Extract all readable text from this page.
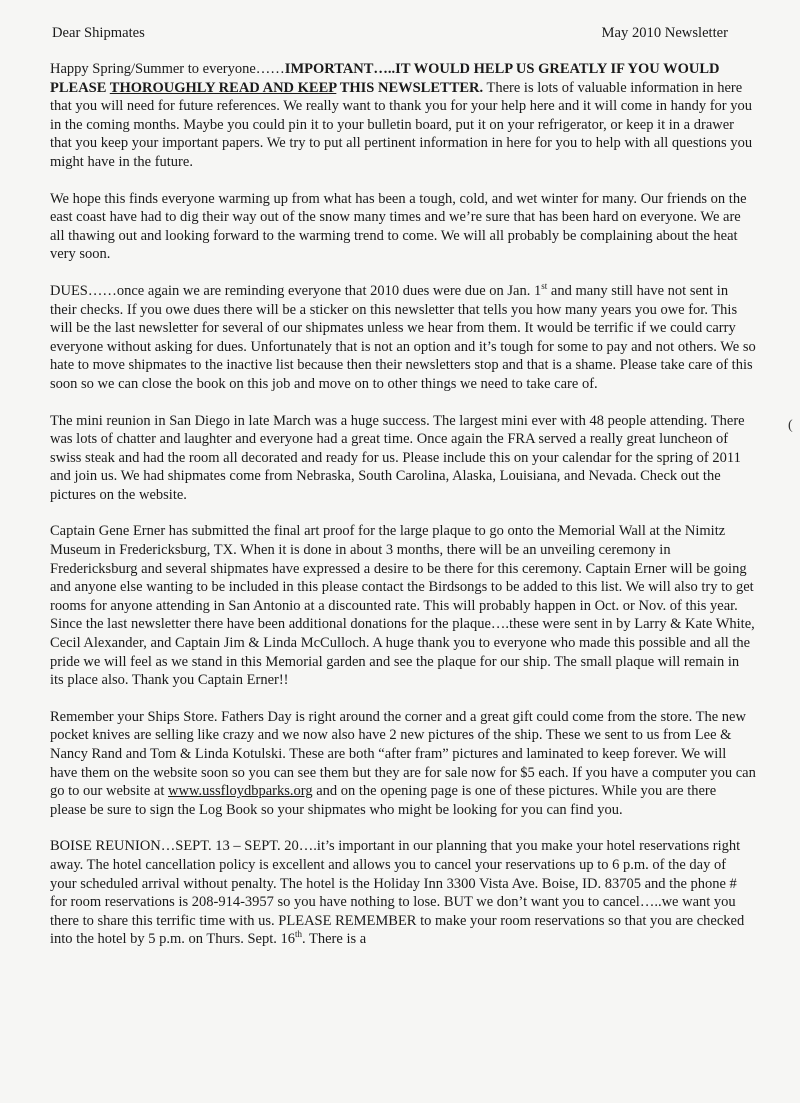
Dear Shipmates	May 2010 Newsletter

Happy Spring/Summer to everyone……IMPORTANT…..IT WOULD HELP US GREATLY IF YOU WOULD PLEASE THOROUGHLY READ AND KEEP THIS NEWSLETTER. There is lots of valuable information in here that you will need for future references. We really want to thank you for your help here and it will come in handy for you in the coming months. Maybe you could pin it to your bulletin board, put it on your refrigerator, or keep it in a drawer that you keep your important papers. We try to put all pertinent information in here for you to help with all questions you might have in the future.

We hope this finds everyone warming up from what has been a tough, cold, and wet winter for many. Our friends on the east coast have had to dig their way out of the snow many times and we’re sure that has been hard on everyone. We are all thawing out and looking forward to the warming trend to come. We will all probably be complaining about the heat very soon.

DUES……once again we are reminding everyone that 2010 dues were due on Jan. 1st and many still have not sent in their checks. If you owe dues there will be a sticker on this newsletter that tells you how many years you owe for. This will be the last newsletter for several of our shipmates unless we hear from them. It would be terrific if we could carry everyone without asking for dues. Unfortunately that is not an option and it’s tough for some to pay and not others. We so hate to move shipmates to the inactive list because then their newsletters stop and that is a shame. Please take care of this soon so we can close the book on this job and move on to other things we need to take care of.

The mini reunion in San Diego in late March was a huge success. The largest mini ever with 48 people attending. There was lots of chatter and laughter and everyone had a great time. Once again the FRA served a really great luncheon of swiss steak and had the room all decorated and ready for us. Please include this on your calendar for the spring of 2011 and join us. We had shipmates come from Nebraska, South Carolina, Alaska, Louisiana, and Nevada. Check out the pictures on the website.

Captain Gene Erner has submitted the final art proof for the large plaque to go onto the Memorial Wall at the Nimitz Museum in Fredericksburg, TX. When it is done in about 3 months, there will be an unveiling ceremony in Fredericksburg and several shipmates have expressed a desire to be there for this ceremony. Captain Erner will be going and anyone else wanting to be included in this please contact the Birdsongs to be added to this list. We will also try to get rooms for anyone attending in San Antonio at a discounted rate. This will probably happen in Oct. or Nov. of this year. Since the last newsletter there have been additional donations for the plaque….these were sent in by Larry & Kate White, Cecil Alexander, and Captain Jim & Linda McCulloch. A huge thank you to everyone who made this possible and all the pride we will feel as we stand in this Memorial garden and see the plaque for our ship. The small plaque will remain in its place also. Thank you Captain Erner!!

Remember your Ships Store. Fathers Day is right around the corner and a great gift could come from the store. The new pocket knives are selling like crazy and we now also have 2 new pictures of the ship. These we sent to us from Lee & Nancy Rand and Tom & Linda Kotulski. These are both “after fram” pictures and laminated to keep forever. We will have them on the website soon so you can see them but they are for sale now for $5 each. If you have a computer you can go to our website at www.ussfloydbparks.org and on the opening page is one of these pictures. While you are there please be sure to sign the Log Book so your shipmates who might be looking for you can find you.

BOISE REUNION…SEPT. 13 – SEPT. 20….it’s important in our planning that you make your hotel reservations right away. The hotel cancellation policy is excellent and allows you to cancel your reservations up to 6 p.m. of the day of your scheduled arrival without penalty. The hotel is the Holiday Inn 3300 Vista Ave. Boise, ID. 83705 and the phone # for room reservations is 208-914-3957 so you have nothing to lose. BUT we don’t want you to cancel…..we want you there to share this terrific time with us. PLEASE REMEMBER to make your room reservations so that you are checked into the hotel by 5 p.m. on Thurs. Sept. 16th. There is a

(
